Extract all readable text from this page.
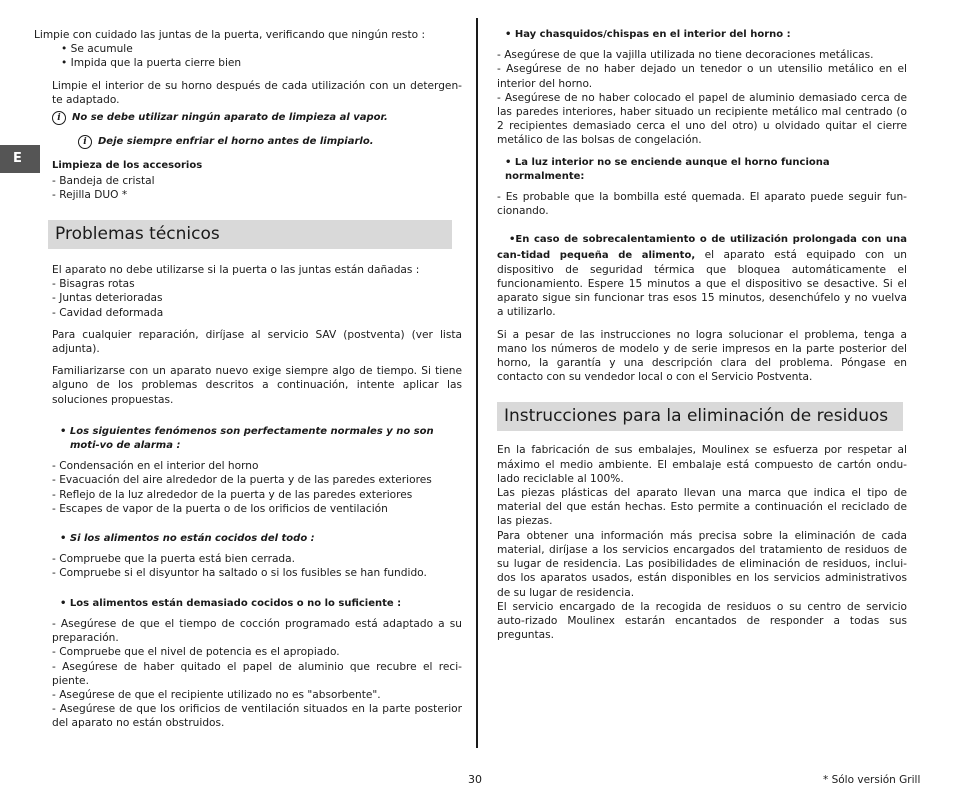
E

Limpie con cuidado las juntas de la puerta, verificando que ningún resto :

• Se acumule
• Impida que la puerta cierre bien

Limpie el interior de su horno después de cada utilización con un detergen-te adaptado.

i	No se debe utilizar ningún aparato de limpieza al vapor.
i	Deje siempre enfriar el horno antes de limpiarlo.
Limpieza de los accesorios
- Bandeja de cristal
- Rejilla DUO *
Problemas técnicos

El aparato no debe utilizarse si la puerta o las juntas están dañadas :

- Bisagras rotas
- Juntas deterioradas
- Cavidad deformada

Para cualquier reparación, diríjase al servicio SAV (postventa) (ver lista adjunta).

Familiarizarse con un aparato nuevo exige siempre algo de tiempo. Si tiene alguno de los problemas descritos a continuación, intente aplicar las soluciones propuestas.

• Los siguientes fenómenos son perfectamente normales y no son moti-vo de alarma :
- Condensación en el interior del horno
- Evacuación del aire alrededor de la puerta y de las paredes exteriores
- Reflejo de la luz alrededor de la puerta y de las paredes exteriores
- Escapes de vapor de la puerta o de los orificios de ventilación
• Si los alimentos no están cocidos del todo :
- Compruebe que la puerta está bien cerrada.
- Compruebe si el disyuntor ha saltado o si los fusibles se han fundido.
• Los alimentos están demasiado cocidos o no lo suficiente :

- Asegúrese de que el tiempo de cocción programado está adaptado a su preparación.

- Compruebe que el nivel de potencia es el apropiado.

- Asegúrese de haber quitado el papel de aluminio que recubre el reci-piente.

- Asegúrese de que el recipiente utilizado no es "absorbente".

- Asegúrese de que los orificios de ventilación situados en la parte posterior del aparato no están obstruidos.

• Hay chasquidos/chispas en el interior del horno :

- Asegúrese de que la vajilla utilizada no tiene decoraciones metálicas.

- Asegúrese de no haber dejado un tenedor o un utensilio metálico en el interior del horno.

- Asegúrese de no haber colocado el papel de aluminio demasiado cerca de las paredes interiores, haber situado un recipiente metálico mal centrado (o 2 recipientes demasiado cerca el uno del otro) u olvidado quitar el cierre metálico de las bolsas de congelación.

• La luz interior no se enciende aunque el horno funciona normalmente:

- Es probable que la bombilla esté quemada. El aparato puede seguir fun-cionando.

•En caso de sobrecalentamiento o de utilización prolongada con una can-tidad pequeña de alimento, el aparato está equipado con un dispositivo de seguridad térmica que bloquea automáticamente el funcionamiento. Espere 15 minutos a que el dispositivo se desactive. Si el aparato sigue sin funcionar tras esos 15 minutos, desenchúfelo y no vuelva a utilizarlo.

Si a pesar de las instrucciones no logra solucionar el problema, tenga a mano los números de modelo y de serie impresos en la parte posterior del horno, la garantía y una descripción clara del problema. Póngase en contacto con su vendedor local o con el Servicio Postventa.

Instrucciones para la eliminación de residuos

En la fabricación de sus embalajes, Moulinex se esfuerza por respetar al máximo el medio ambiente. El embalaje está compuesto de cartón ondu-lado reciclable al 100%.

Las piezas plásticas del aparato llevan una marca que indica el tipo de material del que están hechas. Esto permite a continuación el reciclado de las piezas.

Para obtener una información más precisa sobre la eliminación de cada material, diríjase a los servicios encargados del tratamiento de residuos de su lugar de residencia. Las posibilidades de eliminación de residuos, inclui-dos los aparatos usados, están disponibles en los servicios administrativos de su lugar de residencia.

El servicio encargado de la recogida de residuos o su centro de servicio auto-rizado Moulinex estarán encantados de responder a todas sus preguntas.

30	* Sólo versión Grill
